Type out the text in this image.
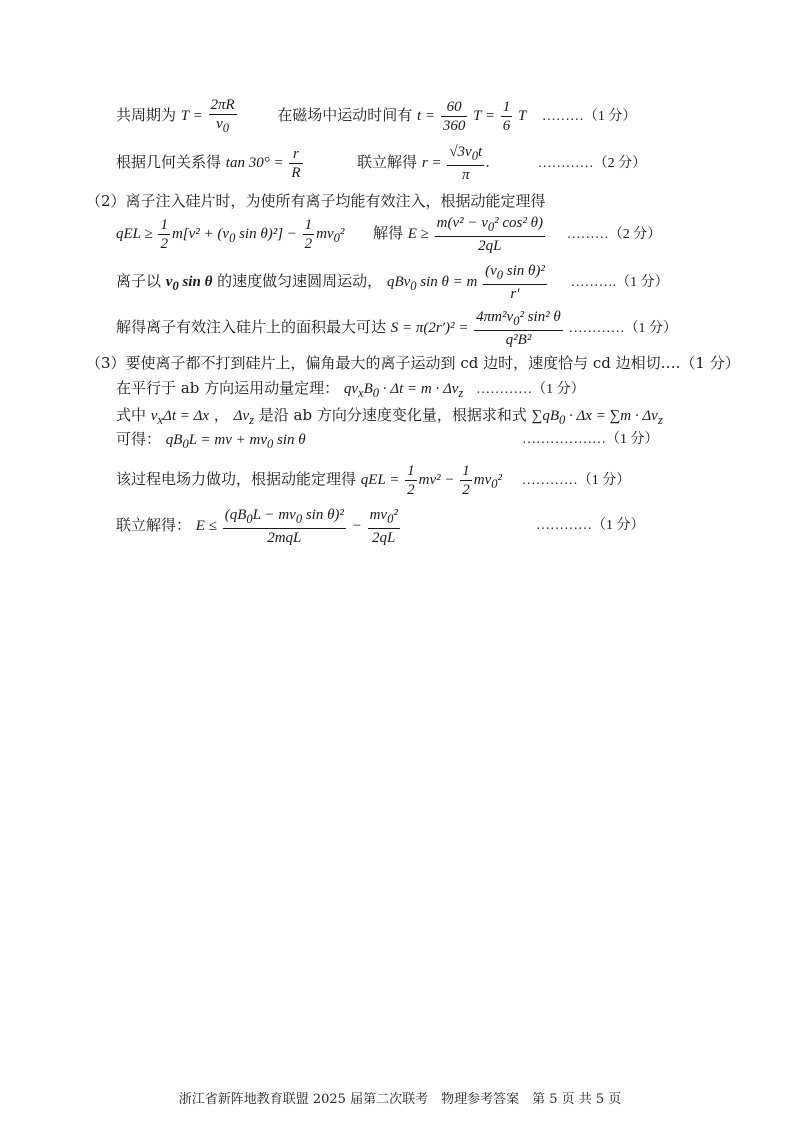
共周期为 $T = \frac{2\pi R}{v_0}$	在磁场中运动时间有 $t = \frac{60}{360}$ $T = \frac{1}{6}$ T ………（1 分）
根据几何关系得 $\tan 30^\circ = \frac{r}{R}$	联立解得 $r = \frac{√3v_0t}{\pi}$ .	…………（2 分）
（2）离子注入硅片时，为使所有离子均能有效注入，根据动能定理得
qEL ≥ $\frac{1}{2} m[v^2 + (v_0$ $\sin \theta)^2] - \frac{1}{2} mv_0^2$  解得 $E \ge \frac{m(v^2 - v_0^2 \cos^2 \theta)}{2qL}$ ………（2 分）
离子以 $v_0$ sin θ 的速度做匀速圆周运动， qBv$_0$ sin θ = m $\frac{(v_0 \sin \theta)^2}{r'}$ ……….（1 分）
解得离子有效注入硅片上的面积最大可达 $S = \pi(2r')^2 = \frac{4\pi m^2v_0^2 \sin^2 \theta}{\text{q²B²}}$ …………（1 分）
（3）要使离子都不打到硅片上，偏角最大的离子运动到 cd 边时，速度恰与 cd 边相切….（1 分）
在平行于 ab 方向运用动量定理： $qv_xB_0 \cdot \Delta t = m \cdot \Delta v_z$ …………（1 分）
式中 $v_x\Delta t = \Delta x$ ， $\Delta v_z$ 是沿 ab 方向分速度变化量，根据求和式 $\sum qB_0 \cdot \Delta x = \sum m \cdot \Delta v_z$
可得： $qB_0L$ = mv + $mv_0$ sin θ	………………（1 分）
该过程电场力做功，根据动能定理得 qEL = $\frac{1}{2} mv^2 - \frac{1}{2} mv_0^2$ …………（1 分）
联立解得： $E \le \frac{(qB_0L - mv_0 \sin \theta)^2}{\text{2mqL}} - \frac{mv_0^2}{2qL}$	…………（1 分）
浙江省新阵地教育联盟 2025 届第二次联考　物理参考答案　第 5 页 共 5 页
